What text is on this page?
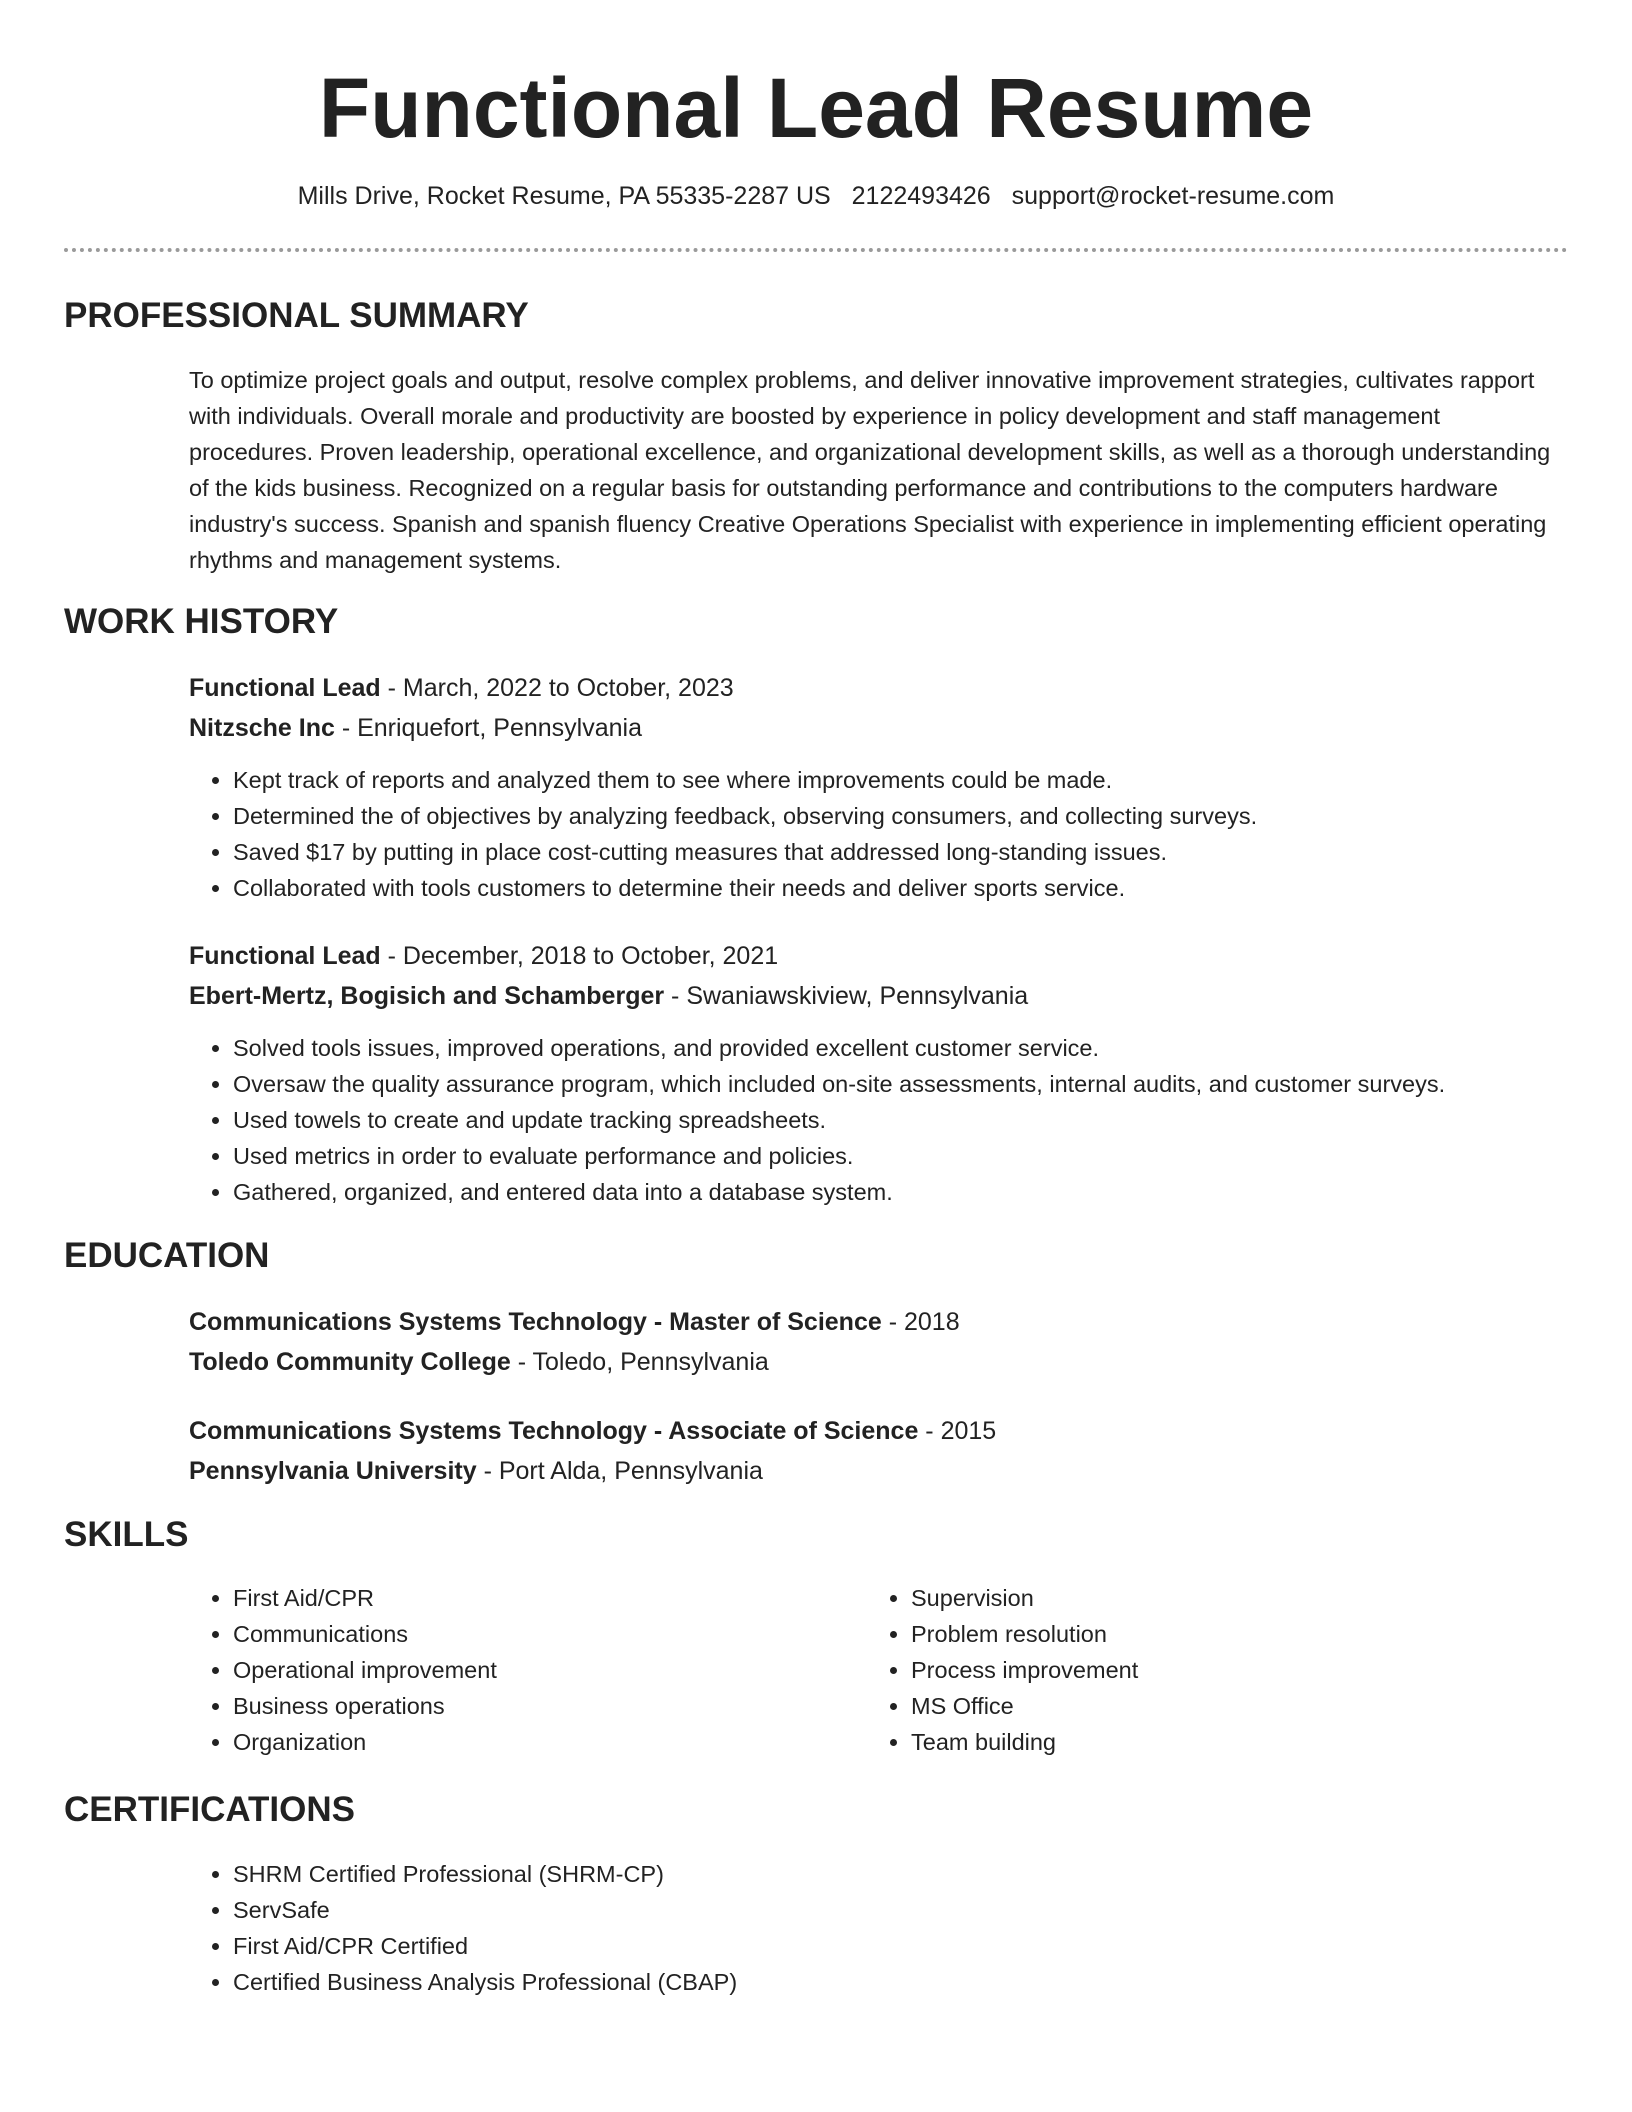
Functional Lead Resume
Mills Drive, Rocket Resume, PA 55335-2287 US 2122493426 support@rocket-resume.com
PROFESSIONAL SUMMARY

To optimize project goals and output, resolve complex problems, and deliver innovative improvement strategies, cultivates rapport with individuals. Overall morale and productivity are boosted by experience in policy development and staff management procedures. Proven leadership, operational excellence, and organizational development skills, as well as a thorough understanding of the kids business. Recognized on a regular basis for outstanding performance and contributions to the computers hardware industry's success. Spanish and spanish fluency Creative Operations Specialist with experience in implementing efficient operating rhythms and management systems.

WORK HISTORY
Functional Lead - March, 2022 to October, 2023
Nitzsche Inc - Enriquefort, Pennsylvania
• Kept track of reports and analyzed them to see where improvements could be made.
• Determined the of objectives by analyzing feedback, observing consumers, and collecting surveys.
• Saved $17 by putting in place cost-cutting measures that addressed long-standing issues.
• Collaborated with tools customers to determine their needs and deliver sports service.
Functional Lead - December, 2018 to October, 2021
Ebert-Mertz, Bogisich and Schamberger - Swaniawskiview, Pennsylvania
• Solved tools issues, improved operations, and provided excellent customer service.
• Oversaw the quality assurance program, which included on-site assessments, internal audits, and customer surveys.
• Used towels to create and update tracking spreadsheets.
• Used metrics in order to evaluate performance and policies.
• Gathered, organized, and entered data into a database system.
EDUCATION
Communications Systems Technology - Master of Science - 2018
Toledo Community College - Toledo, Pennsylvania
Communications Systems Technology - Associate of Science - 2015
Pennsylvania University - Port Alda, Pennsylvania
SKILLS
• First Aid/CPR
• Communications
• Operational improvement
• Business operations
• Organization
• Supervision
• Problem resolution
• Process improvement
• MS Office
• Team building
CERTIFICATIONS
• SHRM Certified Professional (SHRM-CP)
• ServSafe
• First Aid/CPR Certified
• Certified Business Analysis Professional (CBAP)
